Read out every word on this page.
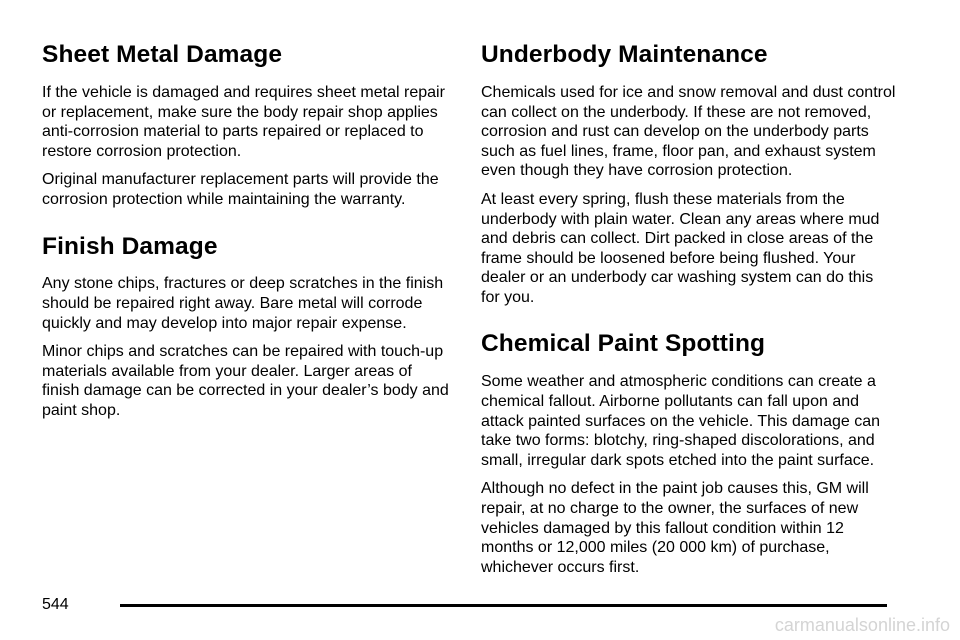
Sheet Metal Damage

If the vehicle is damaged and requires sheet metal repair or replacement, make sure the body repair shop applies anti-corrosion material to parts repaired or replaced to restore corrosion protection.

Original manufacturer replacement parts will provide the corrosion protection while maintaining the warranty.

Finish Damage

Any stone chips, fractures or deep scratches in the finish should be repaired right away. Bare metal will corrode quickly and may develop into major repair expense.

Minor chips and scratches can be repaired with touch-up materials available from your dealer. Larger areas of finish damage can be corrected in your dealer’s body and paint shop.

Underbody Maintenance

Chemicals used for ice and snow removal and dust control can collect on the underbody. If these are not removed, corrosion and rust can develop on the underbody parts such as fuel lines, frame, floor pan, and exhaust system even though they have corrosion protection.

At least every spring, flush these materials from the underbody with plain water. Clean any areas where mud and debris can collect. Dirt packed in close areas of the frame should be loosened before being flushed. Your dealer or an underbody car washing system can do this for you.

Chemical Paint Spotting

Some weather and atmospheric conditions can create a chemical fallout. Airborne pollutants can fall upon and attack painted surfaces on the vehicle. This damage can take two forms: blotchy, ring-shaped discolorations, and small, irregular dark spots etched into the paint surface.

Although no defect in the paint job causes this, GM will repair, at no charge to the owner, the surfaces of new vehicles damaged by this fallout condition within 12 months or 12,000 miles (20 000 km) of purchase, whichever occurs first.

544
carmanualsonline.info
